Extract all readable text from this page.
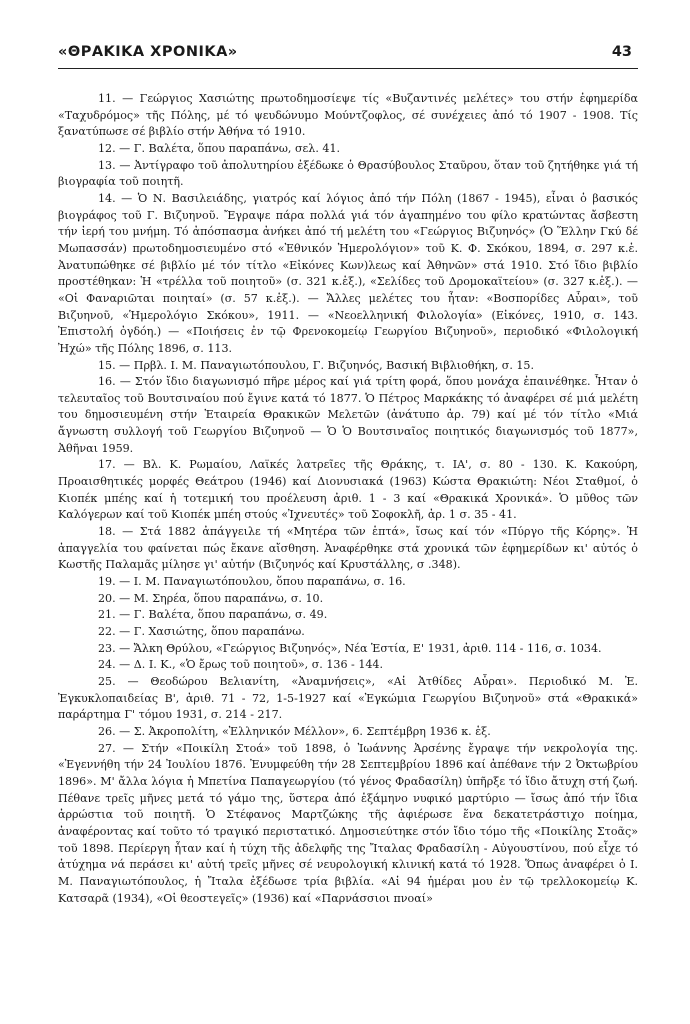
«ΘΡΑΚΙΚΑ ΧΡΟΝΙΚΑ»	43

11. — Γεώργιος Χασιώτης πρωτοδημοσίεψε τίς «Βυζαντινές μελέτες» του στήν ἐφημερίδα «Ταχυδρόμος» τῆς Πόλης, μέ τό ψευδώνυμο Μούντζοφλος, σέ συνέχειες ἀπό τό 1907 - 1908. Τίς ξανατύπωσε σέ βιβλίο στήν Ἀθήνα τό 1910.

12. — Γ. Βαλέτα, ὅπου παραπάνω, σελ. 41.

13. — Ἀντίγραφο τοῦ ἀπολυτηρίου ἐξέδωκε ὁ Θρασύβουλος Σταῦρου, ὅταν τοῦ ζητήθηκε γιά τή βιογραφία τοῦ ποιητῆ.

14. — Ὁ Ν. Βασιλειάδης, γιατρός καί λόγιος ἀπό τήν Πόλη (1867 - 1945), εἶναι ὁ βασικός βιογράφος τοῦ Γ. Βιζυηνοῦ. Ἔγραψε πάρα πολλά γιά τόν ἀγαπημένο του φίλο κρατώντας ἄσβεστη τήν ἱερή του μνήμη. Τό ἀπόσπασμα ἀνήκει ἀπό τή μελέτη του «Γεώργιος Βιζυηνός» (Ὁ Ἕλλην Γκύ δέ Μωπασσάν) πρωτοδημοσιευμένο στό «Ἐθνικόν Ἡμερολόγιον» τοῦ Κ. Φ. Σκόκου, 1894, σ. 297 κ.ἑ. Ἀνατυπώθηκε σέ βιβλίο μέ τόν τίτλο «Εἰκόνες Κων)λεως καί Ἀθηνῶν» στά 1910. Στό ἴδιο βιβλίο προστέθηκαν: Ἡ «τρέλλα τοῦ ποιητοῦ» (σ. 321 κ.ἑξ.), «Σελίδες τοῦ Δρομοκαϊτείου» (σ. 327 κ.ἑξ.). — «Οἱ Φαναριῶται ποιηταί» (σ. 57 κ.ἑξ.). — Ἄλλες μελέτες του ἦταν: «Βοσπορίδες Αὖραι», τοῦ Βιζυηνοῦ, «Ἡμερολόγιο Σκόκου», 1911. — «Νεοελληνική Φιλολογία» (Εἰκόνες, 1910, σ. 143. Ἐπιστολή ὀγδόη.) — «Ποιήσεις ἐν τῷ Φρενοκομείῳ Γεωργίου Βιζυηνοῦ», περιοδικό «Φιλολογική Ἠχώ» τῆς Πόλης 1896, σ. 113.

15. — Πρβλ. Ι. Μ. Παναγιωτόπουλου, Γ. Βιζυηνός, Βασική Βιβλιοθήκη, σ. 15.

16. — Στόν ἴδιο διαγωνισμό πῆρε μέρος καί γιά τρίτη φορά, ὅπου μονάχα ἐπαινέθηκε. Ἦταν ὁ τελευταῖος τοῦ Βουτσιναίου πού ἔγινε κατά τό 1877. Ὁ Πέτρος Μαρκάκης τό ἀναφέρει σέ μιά μελέτη του δημοσιευμένη στήν Ἑταιρεία Θρακικῶν Μελετῶν (ἀνάτυπο ἀρ. 79) καί μέ τόν τίτλο «Μιά ἄγνωστη συλλογή τοῦ Γεωργίου Βιζυηνοῦ — Ὁ Ὁ Βουτσιναῖος ποιητικός διαγωνισμός τοῦ 1877», Ἀθῆναι 1959.

17. — Βλ. Κ. Ρωμαίου, Λαϊκές λατρεῖες τῆς Θράκης, τ. ΙΑ', σ. 80 - 130. Κ. Κακούρη, Προαισθητικές μορφές Θεάτρου (1946) καί Διονυσιακά (1963) Κώστα Θρακιώτη: Νέοι Σταθμοί, ὁ Κιοπέκ μπέης καί ἡ τοτεμική του προέλευση ἀριθ. 1 - 3 καί «Θρακικά Χρονικά». Ὁ μῦθος τῶν Καλόγερων καί τοῦ Κιοπέκ μπέη στούς «Ἰχνευτές» τοῦ Σοφοκλῆ, ἀρ. 1 σ. 35 - 41.

18. — Στά 1882 ἀπάγγειλε τή «Μητέρα τῶν ἑπτά», ἴσως καί τόν «Πύργο τῆς Κόρης». Ἡ ἀπαγγελία του φαίνεται πώς ἔκανε αἴσθηση. Ἀναφέρθηκε στά χρονικά τῶν ἐφημερίδων κι' αὐτός ὁ Κωστῆς Παλαμᾶς μίλησε γι' αὐτήν (Βιζυηνός καί Κρυστάλλης, σ .348).

19. — Ι. Μ. Παναγιωτόπουλου, ὅπου παραπάνω, σ. 16.

20. — Μ. Σηρέα, ὅπου παραπάνω, σ. 10.

21. — Γ. Βαλέτα, ὅπου παραπάνω, σ. 49.

22. — Γ. Χασιώτης, ὅπου παραπάνω.

23. — Ἄλκη Θρύλου, «Γεώργιος Βιζυηνός», Νέα Ἑστία, Ε' 1931, ἀριθ. 114 - 116, σ. 1034.

24. — Δ. Ι. Κ., «Ὁ ἔρως τοῦ ποιητοῦ», σ. 136 - 144.

25. — Θεοδώρου Βελιανίτη, «Ἀναμνήσεις», «Αἱ Ἀτθίδες Αὖραι». Περιοδικό Μ. Ἐ. Ἐγκυκλοπαιδείας Β', ἀριθ. 71 - 72, 1-5-1927 καί «Ἐγκώμια Γεωργίου Βιζυηνοῦ» στά «Θρακικά» παράρτημα Γ' τόμου 1931, σ. 214 - 217.

26. — Σ. Ἀκροπολίτη, «Ἑλληνικόν Μέλλον», 6. Σεπτέμβρη 1936 κ. ἑξ.

27. — Στήν «Ποικίλη Στοά» τοῦ 1898, ὁ Ἰωάννης Ἀρσένης ἔγραψε τήν νεκρολογία της. «Ἐγεννήθη τήν 24 Ἰουλίου 1876. Ἐνυμφεύθη τήν 28 Σεπτεμβρίου 1896 καί ἀπέθανε τήν 2 Ὀκτωβρίου 1896». Μ' ἄλλα λόγια ἡ Μπετίνα Παπαγεωργίου (τό γένος Φραδασίλη) ὑπῆρξε τό ἴδιο ἄτυχη στή ζωή. Πέθανε τρεῖς μῆνες μετά τό γάμο της, ὕστερα ἀπό ἑξάμηνο νυφικό μαρτύριο — ἴσως ἀπό τήν ἴδια ἀρρώστια τοῦ ποιητῆ. Ὁ Στέφανος Μαρτζώκης τῆς ἀφιέρωσε ἕνα δεκατετράστιχο ποίημα, ἀναφέροντας καί τοῦτο τό τραγικό περιστατικό. Δημοσιεύτηκε στόν ἴδιο τόμο τῆς «Ποικίλης Στοᾶς» τοῦ 1898. Περίεργη ἦταν καί ἡ τύχη τῆς ἀδελφῆς της Ἴταλας Φραδασίλη - Αὐγουστίνου, πού εἶχε τό ἀτύχημα νά περάσει κι' αὐτή τρεῖς μῆνες σέ νευρολογική κλινική κατά τό 1928. Ὅπως ἀναφέρει ὁ Ι. Μ. Παναγιωτόπουλος, ἡ Ἴταλα ἐξέδωσε τρία βιβλία. «Αἱ 94 ἡμέραι μου ἐν τῷ τρελλοκομείῳ Κ. Κατσαρᾶ (1934), «Οἱ θεοστεγεῖς» (1936) καί «Παρνάσσιοι πνοαί»
